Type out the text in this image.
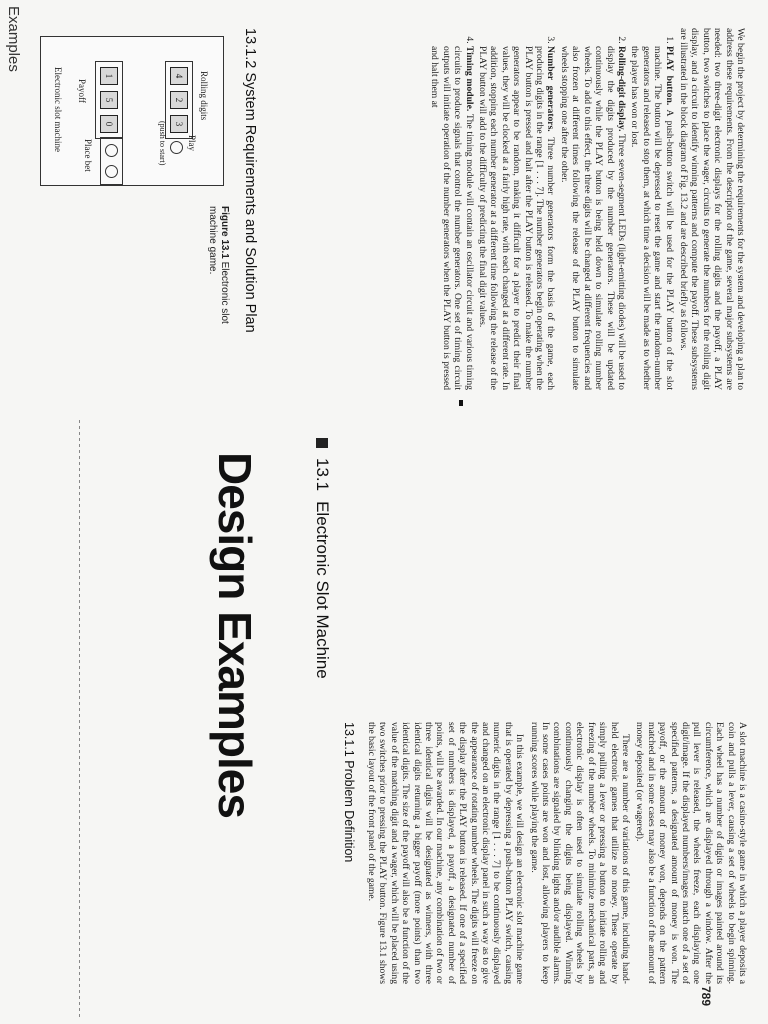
Rolling digits
4
2
3
Play
(push to start)
1
5
0
Payoff
Place bet
Electronic slot machine
Figure 13.1 Electronic slot machine game.	13.1.2 System Requirements and Solution Plan	We begin the project by determining the requirements for the system and developing a plan to address these requirements. From the description of the game, several major subsystems are needed: two three-digit electronic displays for the rolling digits and the payoff, a PLAY button, two switches to place the wager, circuits to generate the numbers for the rolling digit display, and a circuit to identify winning patterns and compute the payoff. These subsystems are illustrated in the block diagram of Fig. 13.2 and are described briefly as follows.

1. PLAY button. A push-button switch will be used for the PLAY button of the slot machine. The button will be depressed to reset the game and start the random-number generators and released to stop them, at which time a decision will be made as to whether the player has won or lost.
2. Rolling-digit display. Three seven-segment LEDs (light-emitting diodes) will be used to display the digits produced by the number generators. These will be updated continuously while the PLAY button is being held down to simulate rolling number wheels. To add to this effect, the three digits will be changed at different frequencies and also frozen at different times following the release of the PLAY button to simulate wheels stopping one after the other.
3. Number generators. Three number generators form the basis of the game, each producing digits in the range [1 . . . 7]. The number generators begin operating when the PLAY button is pressed and halt after the PLAY button is released. To make the number generators appear to be random, making it difficult for a player to predict their final values, they will be clocked at a fairly high rate, with each changed at a different rate. In addition, stopping each number generator at a different time following the release of the PLAY button will add to the difficulty of predicting the final digit values.
4. Timing module. The timing module will contain an oscillator circuit and various timing circuits to produce signals that control the number generators. One set of timing circuit outputs will initiate operation of the number generators when the PLAY button is pressed and halt them at
Examples
Design Examples	13.1
Electronic Slot Machine
13.1.1 Problem Definition	A slot machine is a casino-style game in which a player deposits a coin and pulls a lever, causing a set of wheels to begin spinning. Each wheel has a number of digits or images painted around its circumference, which are displayed through a window. After the pull lever is released, the wheels freeze, each displaying one digit/image. If the displayed numbers/images match one of a set of specified patterns, a designated amount of money is won. The payoff, or the amount of money won, depends on the pattern matched and in some cases may also be a function of the amount of money deposited (or wagered).

There are a number of variations of this game, including hand-held electronic games that utilize no money. These operate by simply pulling a lever or pressing a button to initiate rolling and freezing of the number wheels. To minimize mechanical parts, an electronic display is often used to simulate rolling wheels by continuously changing the digits being displayed. Winning combinations are signaled by blinking lights and/or audible alarms. In some cases points are won and lost, allowing players to keep running scores while playing the game.

In this example, we will design an electronic slot machine game that is operated by depressing a push-button PLAY switch, causing numeric digits in the range [1 . . . 7] to be continuously displayed and changed on an electronic display panel in such a way as to give the appearance of rotating number wheels. The digits will freeze on the display after the PLAY button is released. If one of a specified set of numbers is displayed, a payoff, a designated number of points, will be awarded. In our machine, any combination of two or three identical digits will be designated as winners, with three identical digits returning a bigger payoff (more points) than two identical digits. The size of the payoff will also be a function of the value of the matching digit and a wager, which will be placed using two switches prior to pressing the PLAY button. Figure 13.1 shows the basic layout of the front panel of the game.

789
